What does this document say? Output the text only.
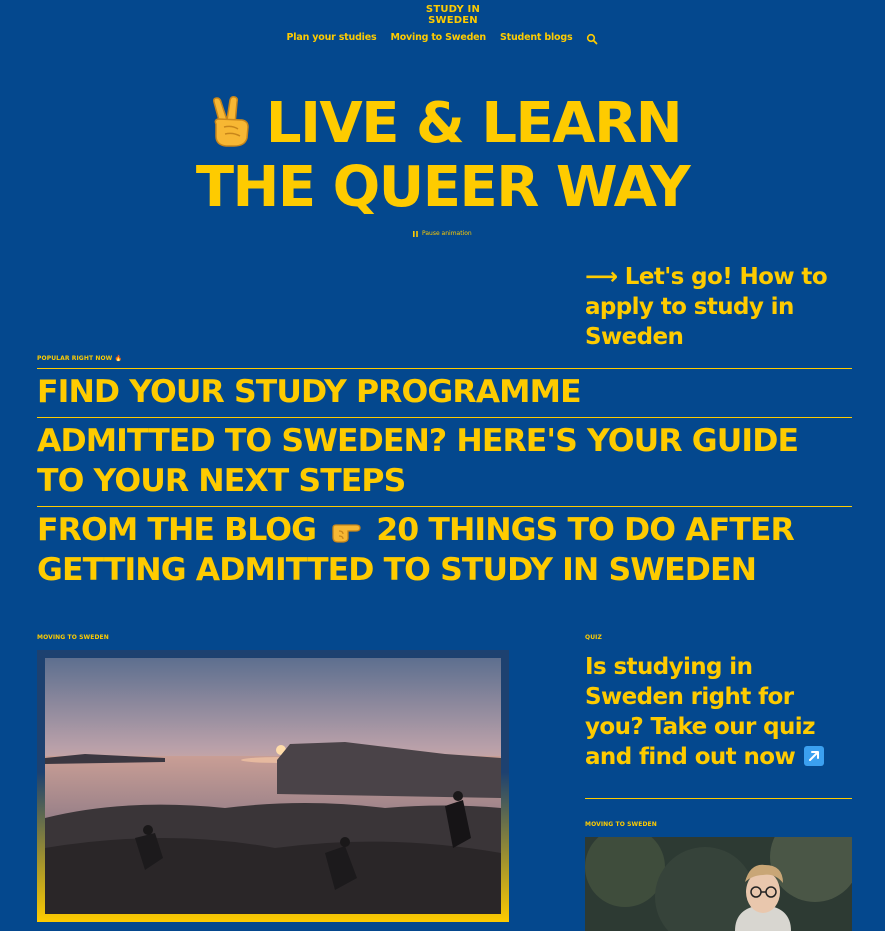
STUDY IN
SWEDEN
Plan your studies Moving to Sweden Student blogs
LIVE & LEARN
THE QUEER WAY
Pause animation
⟶ Let's go! How to apply to study in Sweden
POPULAR RIGHT NOW 🔥
FIND YOUR STUDY PROGRAMME
ADMITTED TO SWEDEN? HERE'S YOUR GUIDE TO YOUR NEXT STEPS
FROM THE BLOG 20 THINGS TO DO AFTER GETTING ADMITTED TO STUDY IN SWEDEN
MOVING TO SWEDEN	QUIZ
Is studying in Sweden right for you? Take our quiz and find out now
MOVING TO SWEDEN
